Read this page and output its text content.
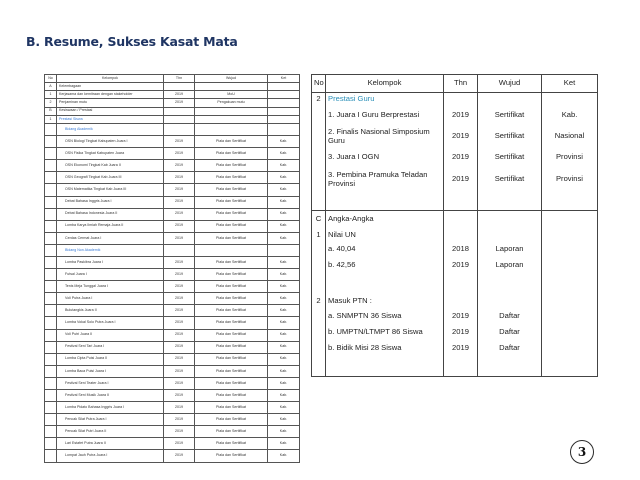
B. Resume, Sukses Kasat Mata
No	Kelompok	Thn	Wujud	Ket
A	Kelembagaan			
1	Kerjasama dan kemitraan dengan stakeholder	2019	MoU	
2	Penjaminan mutu	2019	Pengakuan mutu	
B	Kesiswaan / Prestasi			
1	Prestasi Siswa			
	Bidang Akademik			
	OSN Biologi Tingkat Kabupaten Juara I	2019	Piala dan Sertifikat	Kab.
	OSN Fisika Tingkat Kabupaten Juara	2019	Piala dan Sertifikat	Kab.
	OSN Ekonomi Tingkat Kab Juara II	2019	Piala dan Sertifikat	Kab.
	OSN Geografi Tingkat Kab Juara III	2019	Piala dan Sertifikat	Kab.
	OSN Matematika Tingkat Kab Juara III	2019	Piala dan Sertifikat	Kab.
	Debat Bahasa Inggris Juara I	2019	Piala dan Sertifikat	Kab.
	Debat Bahasa Indonesia Juara II	2019	Piala dan Sertifikat	Kab.
	Lomba Karya Ilmiah Remaja Juara II	2019	Piala dan Sertifikat	Kab.
	Cerdas Cermat Juara I	2019	Piala dan Sertifikat	Kab.
	Bidang Non Akademik			
	Lomba Paskibra Juara I	2019	Piala dan Sertifikat	Kab.
	Futsal Juara I	2019	Piala dan Sertifikat	Kab.
	Tenis Meja Tunggal Juara I	2019	Piala dan Sertifikat	Kab.
	Voli Putra Juara I	2019	Piala dan Sertifikat	Kab.
	Bulutangkis Juara II	2019	Piala dan Sertifikat	Kab.
	Lomba Vokal Solo Putra Juara I	2019	Piala dan Sertifikat	Kab.
	Voli Putri Juara II	2019	Piala dan Sertifikat	Kab.
	Festival Seni Tari Juara I	2019	Piala dan Sertifikat	Kab.
	Lomba Cipta Puisi Juara II	2019	Piala dan Sertifikat	Kab.
	Lomba Baca Puisi Juara I	2019	Piala dan Sertifikat	Kab.
	Festival Seni Teater Juara I	2019	Piala dan Sertifikat	Kab.
	Festival Seni Musik Juara II	2019	Piala dan Sertifikat	Kab.
	Lomba Pidato Bahasa Inggris Juara I	2019	Piala dan Sertifikat	Kab.
	Pencak Silat Putra Juara I	2019	Piala dan Sertifikat	Kab.
	Pencak Silat Putri Juara II	2019	Piala dan Sertifikat	Kab.
	Lari Estafet Putra Juara II	2019	Piala dan Sertifikat	Kab.
	Lompat Jauh Putra Juara I	2019	Piala dan Sertifikat	Kab.
No	Kelompok	Thn	Wujud	Ket
2	Prestasi Guru			
	1. Juara I Guru Berprestasi	2019	Sertifikat	Kab.
	2. Finalis Nasional Simposium Guru	2019	Sertifikat	Nasional
	3. Juara I OGN	2019	Sertifikat	Provinsi
	3. Pembina Pramuka Teladan Provinsi	2019	Sertifikat	Provinsi

C	Angka-Angka			
1	Nilai UN			
	a. 40,04	2018	Laporan	
	b. 42,56	2019	Laporan	

2	Masuk PTN :			
	a. SNMPTN 36 Siswa	2019	Daftar	
	b. UMPTN/LTMPT 86 Siswa	2019	Daftar	
	b. Bidik Misi 28 Siswa	2019	Daftar	

3
